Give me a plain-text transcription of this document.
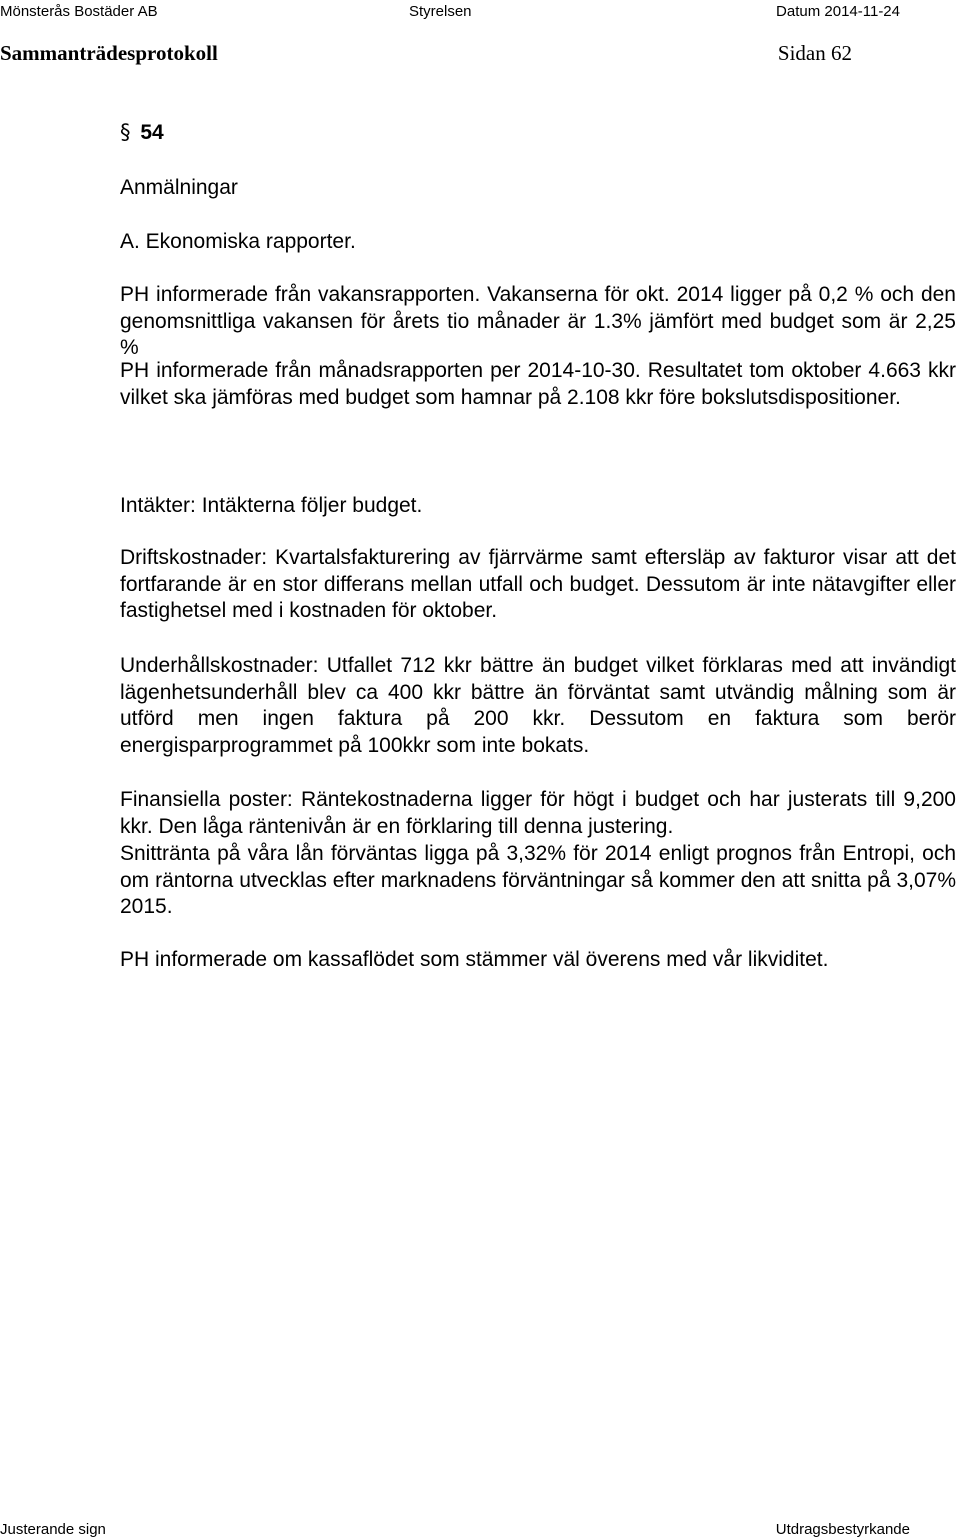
Mönsterås Bostäder AB	Styrelsen	Datum 2014-11-24
Sammanträdesprotokoll	Sidan 62
§ 54
Anmälningar
A. Ekonomiska rapporter.

PH informerade från vakansrapporten. Vakanserna för okt. 2014 ligger på 0,2 % och den genomsnittliga vakansen för årets tio månader är 1.3% jämfört med budget som är 2,25 %

PH informerade från månadsrapporten per 2014-10-30. Resultatet tom oktober 4.663 kkr vilket ska jämföras med budget som hamnar på 2.108 kkr före bokslutsdispositioner.

Intäkter: Intäkterna följer budget.

Driftskostnader: Kvartalsfakturering av fjärrvärme samt eftersläp av fakturor visar att det fortfarande är en stor differans mellan utfall och budget. Dessutom är inte nätavgifter eller fastighetsel med i kostnaden för oktober.

Underhållskostnader: Utfallet 712 kkr bättre än budget vilket förklaras med att invändigt lägenhetsunderhåll blev ca 400 kkr bättre än förväntat samt utvändig målning som är utförd men ingen faktura på 200 kkr. Dessutom en faktura som berör energisparprogrammet på 100kkr som inte bokats.

Finansiella poster: Räntekostnaderna ligger för högt i budget och har justerats till 9,200 kkr. Den låga räntenivån är en förklaring till denna justering.

Snittränta på våra lån förväntas ligga på 3,32% för 2014 enligt prognos från Entropi, och om räntorna utvecklas efter marknadens förväntningar så kommer den att snitta på 3,07% 2015.

PH informerade om kassaflödet som stämmer väl överens med vår likviditet.

Justerande sign	Utdragsbestyrkande
